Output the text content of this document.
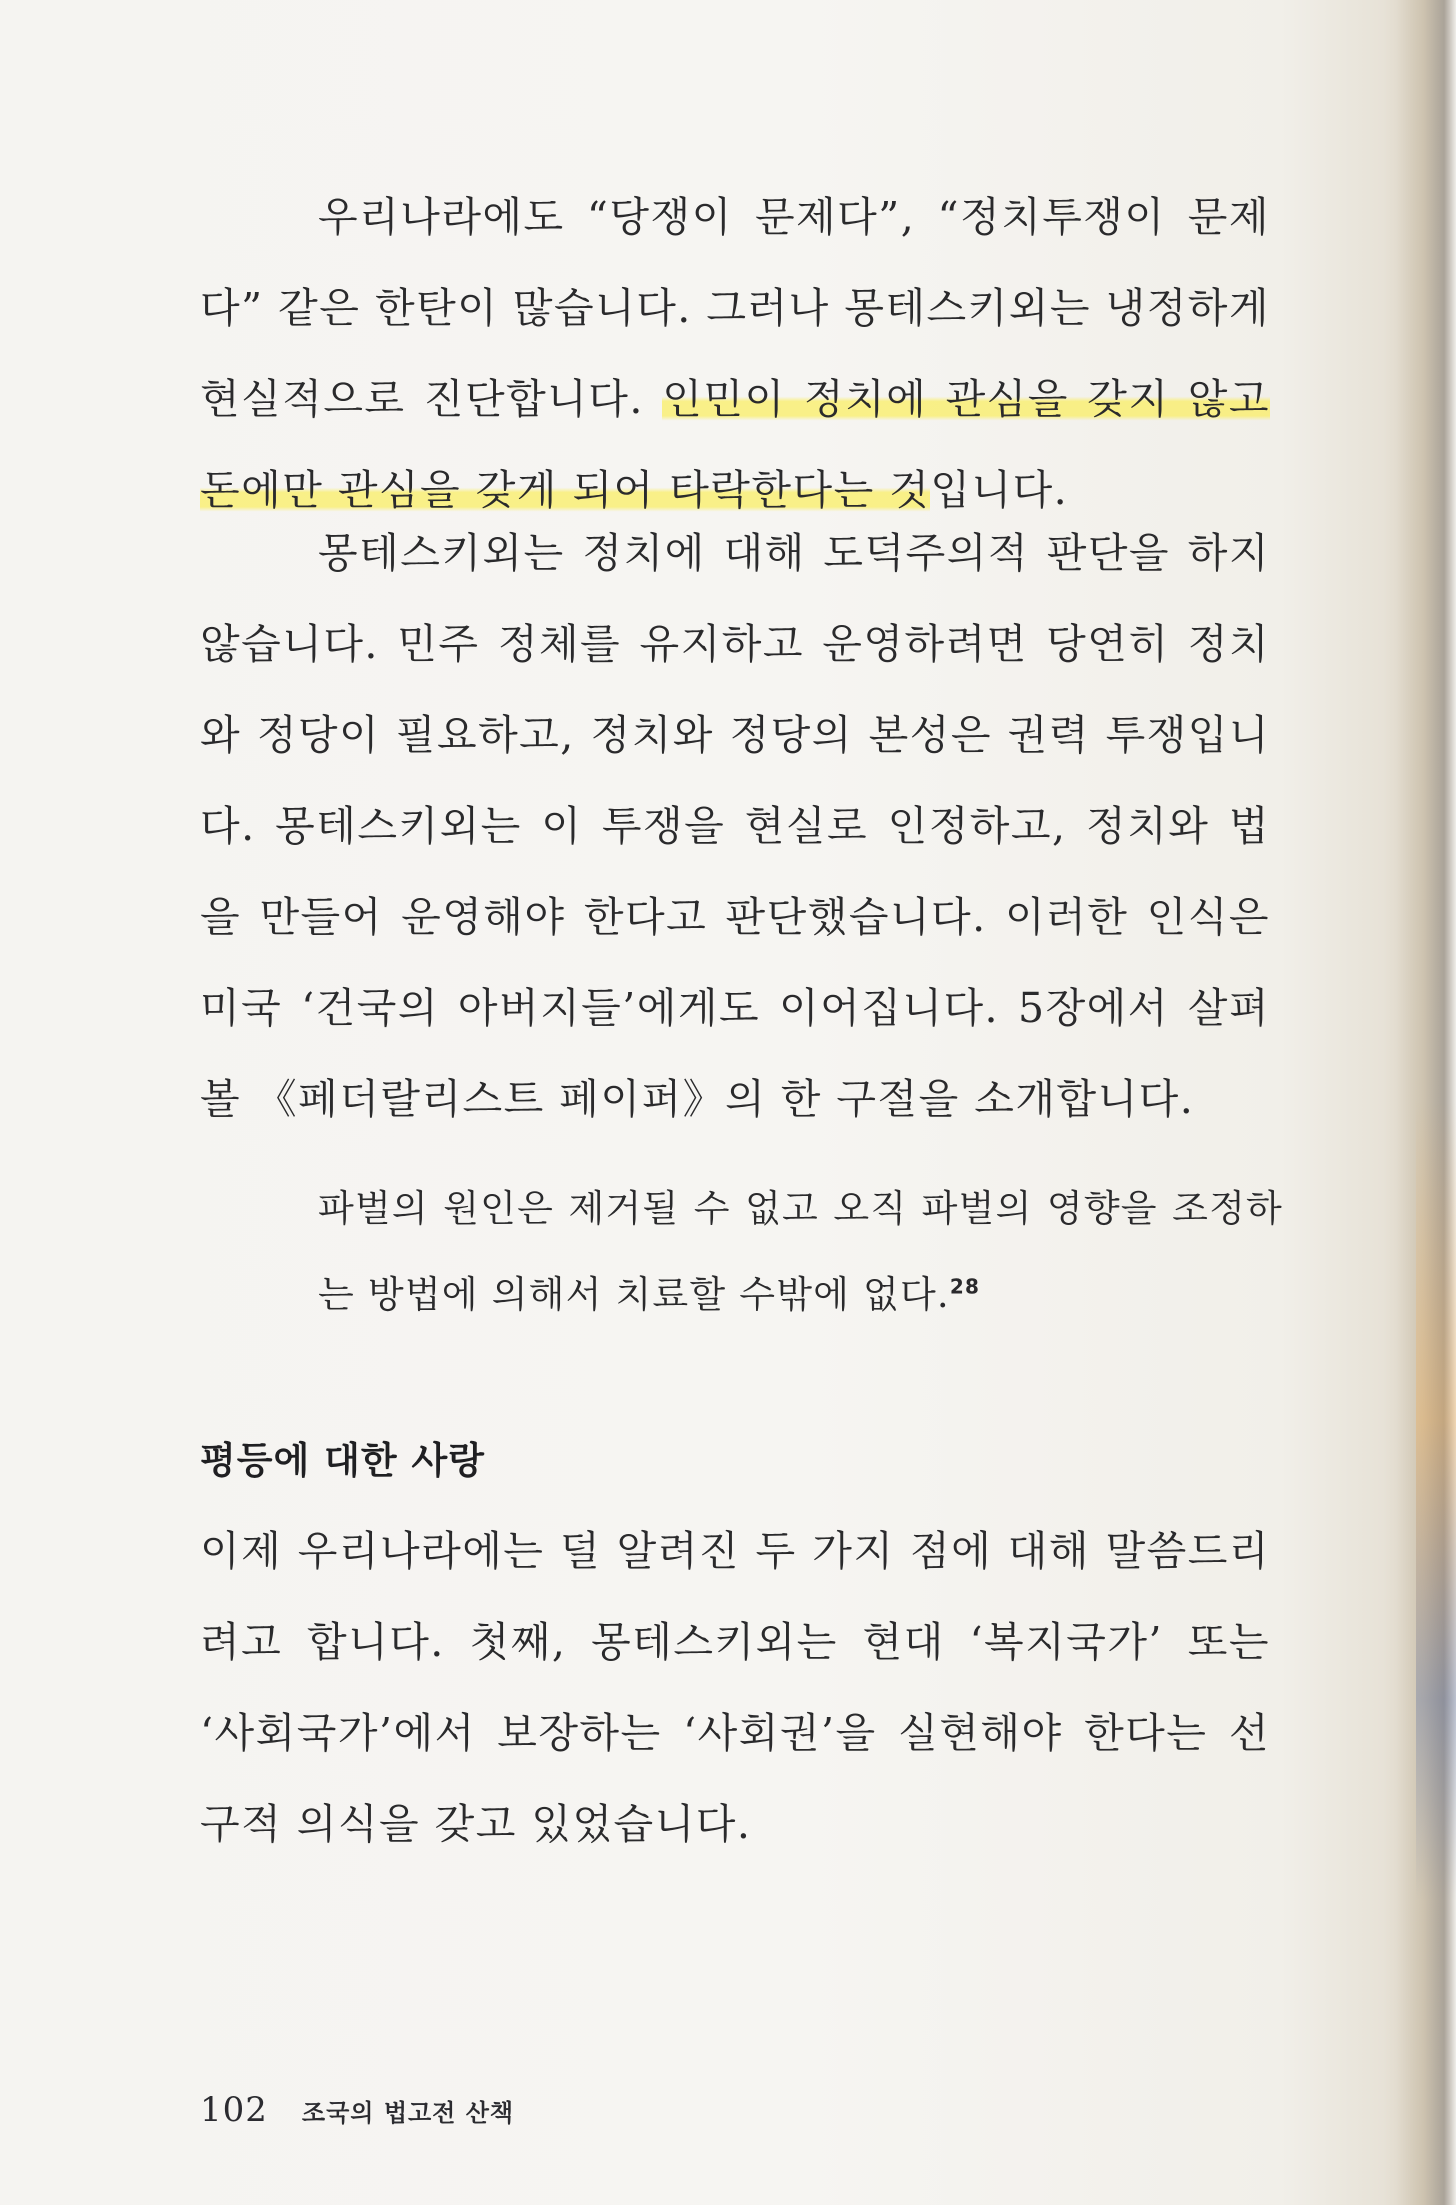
우리나라에도 “당쟁이 문제다”, “정치투쟁이 문제다” 같은 한탄이 많습니다. 그러나 몽테스키외는 냉정하게 현실적으로 진단합니다. 인민이 정치에 관심을 갖지 않고 돈에만 관심을 갖게 되어 타락한다는 것입니다.

몽테스키외는 정치에 대해 도덕주의적 판단을 하지 않습니다. 민주 정체를 유지하고 운영하려면 당연히 정치와 정당이 필요하고, 정치와 정당의 본성은 권력 투쟁입니다. 몽테스키외는 이 투쟁을 현실로 인정하고, 정치와 법을 만들어 운영해야 한다고 판단했습니다. 이러한 인식은 미국 ‘건국의 아버지들’에게도 이어집니다. 5장에서 살펴볼 《페더랄리스트 페이퍼》의 한 구절을 소개합니다.

파벌의 원인은 제거될 수 없고 오직 파벌의 영향을 조정하는 방법에 의해서 치료할 수밖에 없다.$^{28}$

평등에 대한 사랑

이제 우리나라에는 덜 알려진 두 가지 점에 대해 말씀드리려고 합니다. 첫째, 몽테스키외는 현대 ‘복지국가’ 또는 ‘사회국가’에서 보장하는 ‘사회권’을 실현해야 한다는 선구적 의식을 갖고 있었습니다.

102 조국의 법고전 산책
